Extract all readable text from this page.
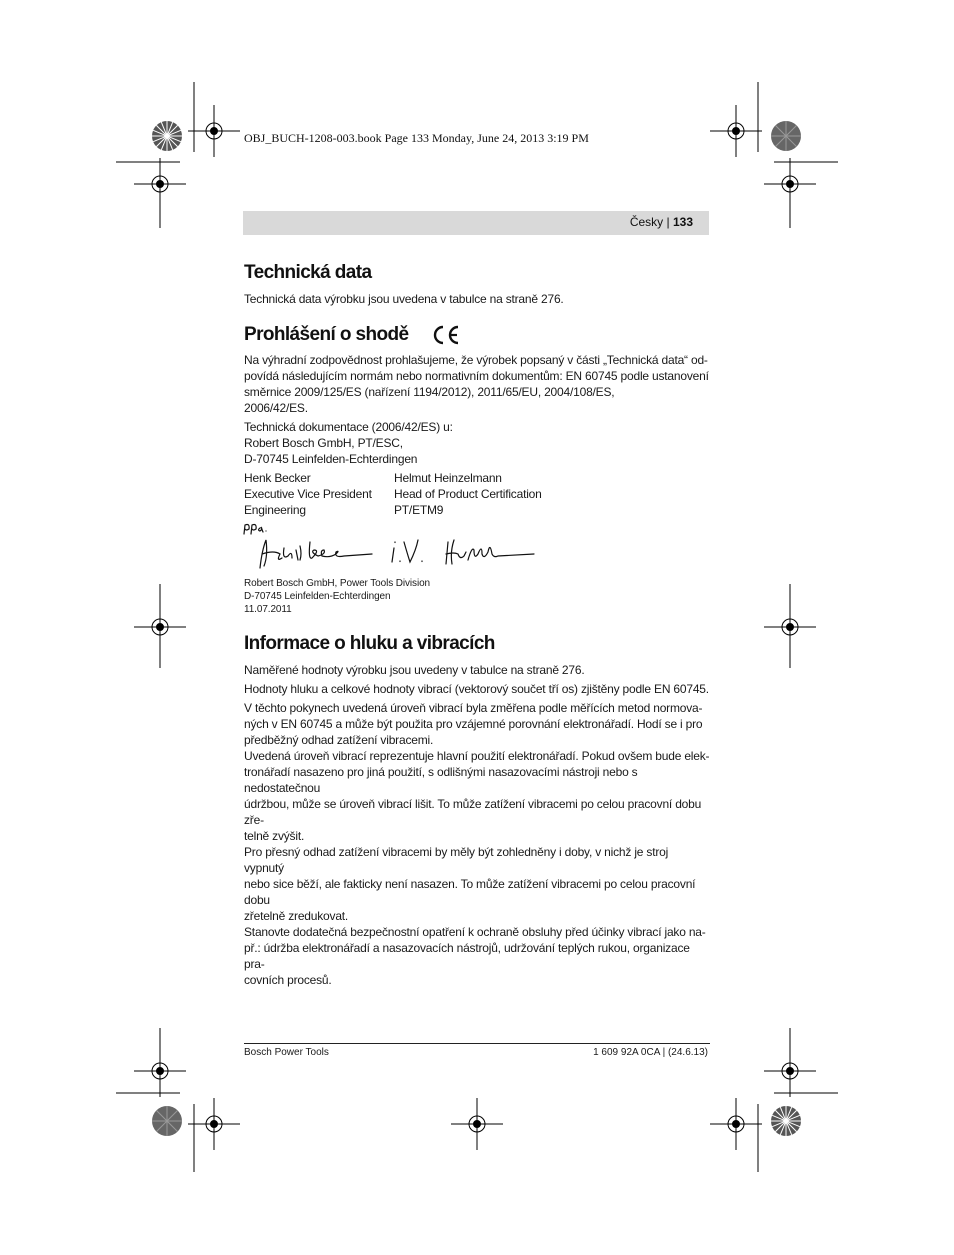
OBJ_BUCH-1208-003.book Page 133 Monday, June 24, 2013 3:19 PM
Česky | 133
Technická data

Technická data výrobku jsou uvedena v tabulce na straně 276.

Prohlášení o shodě
Na výhradní zodpovědnost prohlašujeme, že výrobek popsaný v části „Technická data“ od-
povídá následujícím normám nebo normativním dokumentům: EN 60745 podle ustanovení
směrnice 2009/125/ES (nařízení 1194/2012), 2011/65/EU, 2004/108/ES,
2006/42/ES.
Technická dokumentace (2006/42/ES) u:
Robert Bosch GmbH, PT/ESC,
D-70745 Leinfelden-Echterdingen
Henk Becker
Executive Vice President
Engineering
Helmut Heinzelmann
Head of Product Certification
PT/ETM9
Robert Bosch GmbH, Power Tools Division
D-70745 Leinfelden-Echterdingen
11.07.2011
Informace o hluku a vibracích

Naměřené hodnoty výrobku jsou uvedeny v tabulce na straně 276.

Hodnoty hluku a celkové hodnoty vibrací (vektorový součet tří os) zjištěny podle EN 60745.

V těchto pokynech uvedená úroveň vibrací byla změřena podle měřících metod normova-
ných v EN 60745 a může být použita pro vzájemné porovnání elektronářadí. Hodí se i pro
předběžný odhad zatížení vibracemi.
Uvedená úroveň vibrací reprezentuje hlavní použití elektronářadí. Pokud ovšem bude elek-
tronářadí nasazeno pro jiná použití, s odlišnými nasazovacími nástroji nebo s nedostatečnou
údržbou, může se úroveň vibrací lišit. To může zatížení vibracemi po celou pracovní dobu zře-
telně zvýšit.
Pro přesný odhad zatížení vibracemi by měly být zohledněny i doby, v nichž je stroj vypnutý
nebo sice běží, ale fakticky není nasazen. To může zatížení vibracemi po celou pracovní dobu
zřetelně zredukovat.
Stanovte dodatečná bezpečnostní opatření k ochraně obsluhy před účinky vibrací jako na-
př.: údržba elektronářadí a nasazovacích nástrojů, udržování teplých rukou, organizace pra-
covních procesů.
Bosch Power Tools	1 609 92A 0CA | (24.6.13)
